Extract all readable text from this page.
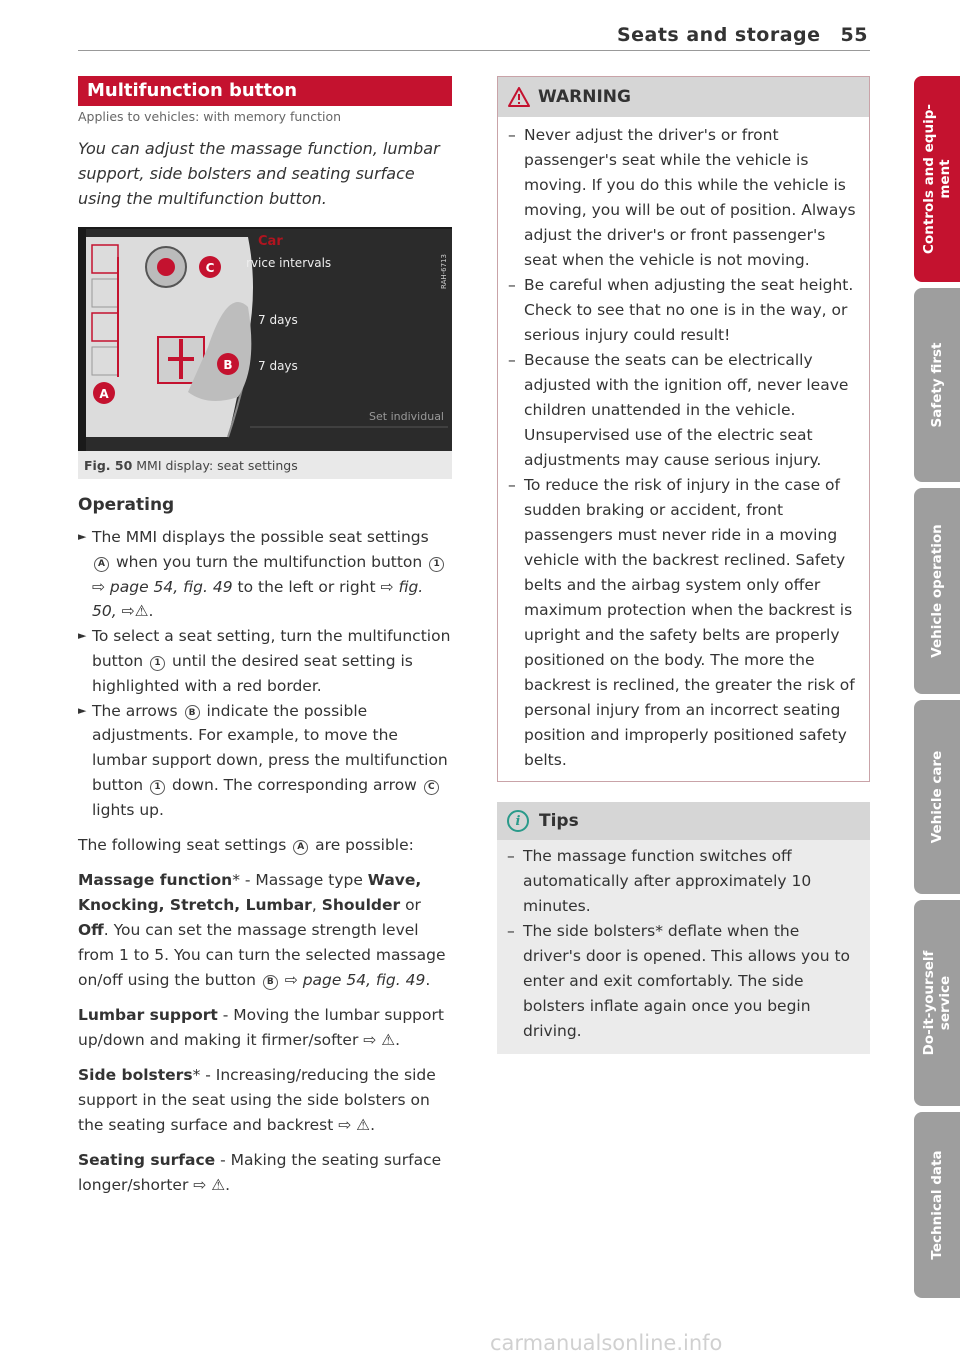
Seats and storage 55
Multifunction button
Applies to vehicles: with memory function

You can adjust the massage function, lumbar support, side bolsters and seating surface using the multifunction button.

C
B
A
Car
rvice intervals
7 days
7 days
Set individual
RAH-6713
Fig. 50 MMI display: seat settings
Operating
► The MMI displays the possible seat settings A when you turn the multifunction button 1 ⇨ page 54, fig. 49 to the left or right ⇨ fig. 50, ⇨⚠.
► To select a seat setting, turn the multifunction button 1 until the desired seat setting is highlighted with a red border.
► The arrows B indicate the possible adjustments. For example, to move the lumbar support down, press the multifunction button 1 down. The corresponding arrow C lights up.

The following seat settings A are possible:

Massage function* - Massage type Wave, Knocking, Stretch, Lumbar, Shoulder or Off. You can set the massage strength level from 1 to 5. You can turn the selected massage on/off using the button B ⇨ page 54, fig. 49.

Lumbar support - Moving the lumbar support up/down and making it firmer/softer ⇨ ⚠.

Side bolsters* - Increasing/reducing the side support in the seat using the side bolsters on the seating surface and backrest ⇨ ⚠.

Seating surface - Making the seating surface longer/shorter ⇨ ⚠.

WARNING
– Never adjust the driver's or front passenger's seat while the vehicle is moving. If you do this while the vehicle is moving, you will be out of position. Always adjust the driver's or front passenger's seat when the vehicle is not moving.
– Be careful when adjusting the seat height. Check to see that no one is in the way, or serious injury could result!
– Because the seats can be electrically adjusted with the ignition off, never leave children unattended in the vehicle. Unsupervised use of the electric seat adjustments may cause serious injury.
– To reduce the risk of injury in the case of sudden braking or accident, front passengers must never ride in a moving vehicle with the backrest reclined. Safety belts and the airbag system only offer maximum protection when the backrest is upright and the safety belts are properly positioned on the body. The more the backrest is reclined, the greater the risk of personal injury from an incorrect seating position and improperly positioned safety belts.
i	Tips
– The massage function switches off automatically after approximately 10 minutes.
– The side bolsters* deflate when the driver's door is opened. This allows you to enter and exit comfortably. The side bolsters inflate again once you begin driving.
Controls and equip-
ment
Safety first
Vehicle operation
Vehicle care
Do-it-yourself
service
Technical data
carmanualsonline.info
